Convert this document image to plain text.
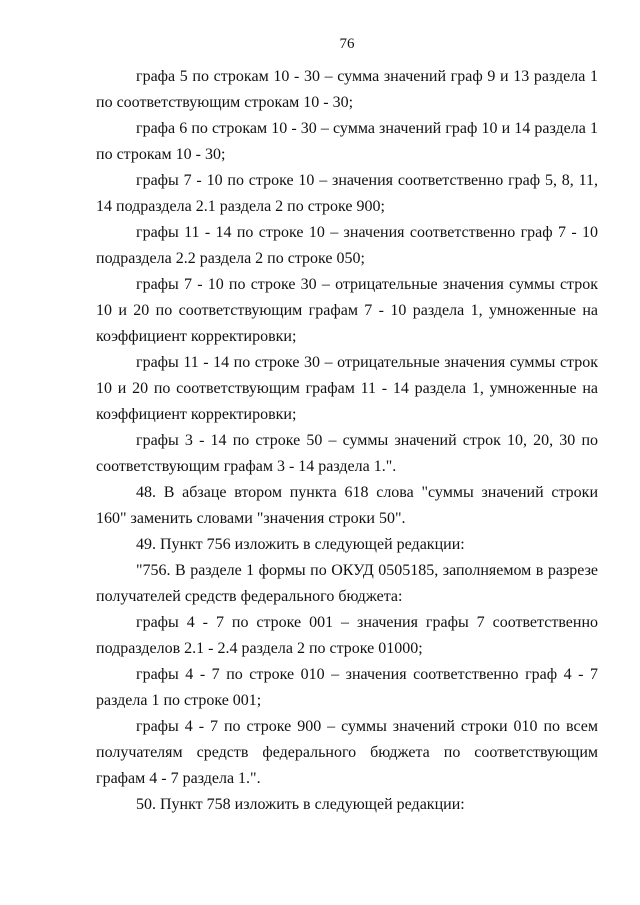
76

графа 5 по строкам 10 - 30 – сумма значений граф 9 и 13 раздела 1 по соответствующим строкам 10 - 30;

графа 6 по строкам 10 - 30 – сумма значений граф 10 и 14 раздела 1 по строкам 10 - 30;

графы 7 - 10 по строке 10 – значения соответственно граф 5, 8, 11, 14 подраздела 2.1 раздела 2 по строке 900;

графы 11 - 14 по строке 10 – значения соответственно граф 7 - 10 подраздела 2.2 раздела 2 по строке 050;

графы 7 - 10 по строке 30 – отрицательные значения суммы строк 10 и 20 по соответствующим графам 7 - 10 раздела 1, умноженные на коэффициент корректировки;

графы 11 - 14 по строке 30 – отрицательные значения суммы строк 10 и 20 по соответствующим графам 11 - 14 раздела 1, умноженные на коэффициент корректировки;

графы 3 - 14 по строке 50 – суммы значений строк 10, 20, 30 по соответствующим графам 3 - 14 раздела 1.".

48. В абзаце втором пункта 618 слова "суммы значений строки 160" заменить словами "значения строки 50".

49. Пункт 756 изложить в следующей редакции:

"756. В разделе 1 формы по ОКУД 0505185, заполняемом в разрезе получателей средств федерального бюджета:

графы 4 - 7 по строке 001 – значения графы 7 соответственно подразделов 2.1 - 2.4 раздела 2 по строке 01000;

графы 4 - 7 по строке 010 – значения соответственно граф 4 - 7 раздела 1 по строке 001;

графы 4 - 7 по строке 900 – суммы значений строки 010 по всем получателям средств федерального бюджета по соответствующим графам 4 - 7 раздела 1.".

50. Пункт 758 изложить в следующей редакции:
